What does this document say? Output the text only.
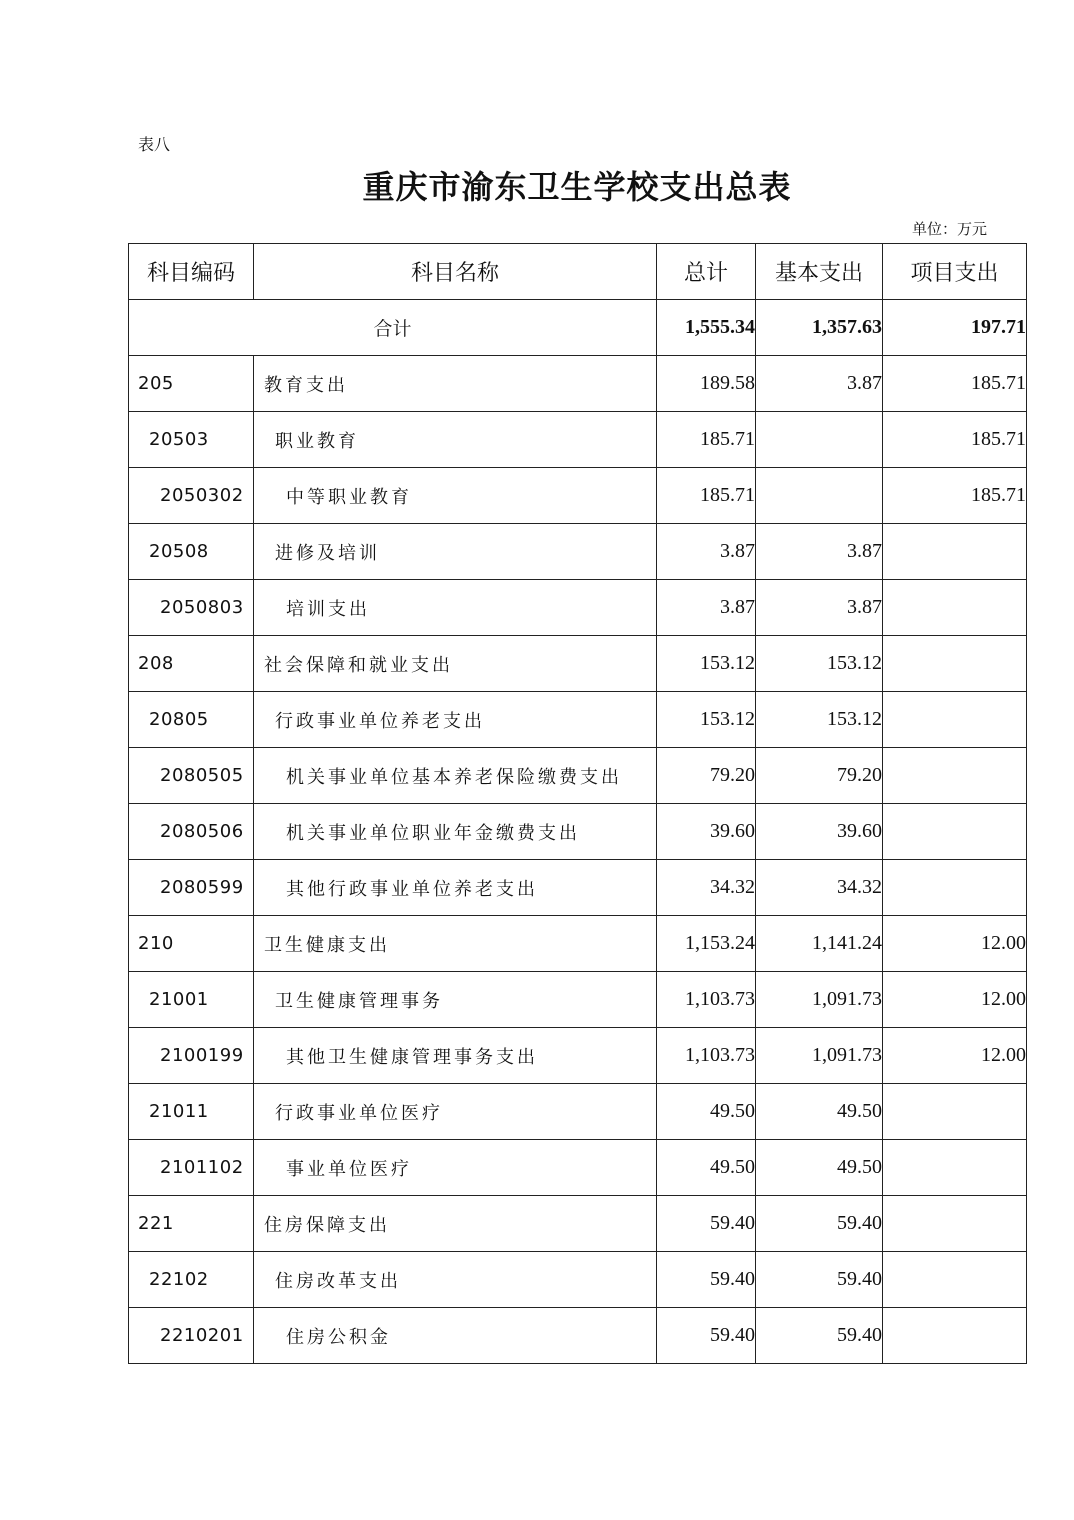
表八
重庆市渝东卫生学校支出总表
单位：万元
科目编码	科目名称	总计	基本支出	项目支出
合计		1,555.34	1,357.63	197.71
205	教育支出	189.58	3.87	185.71
20503	职业教育	185.71		185.71
2050302	中等职业教育	185.71		185.71
20508	进修及培训	3.87	3.87	
2050803	培训支出	3.87	3.87	
208	社会保障和就业支出	153.12	153.12	
20805	行政事业单位养老支出	153.12	153.12	
2080505	机关事业单位基本养老保险缴费支出	79.20	79.20	
2080506	机关事业单位职业年金缴费支出	39.60	39.60	
2080599	其他行政事业单位养老支出	34.32	34.32	
210	卫生健康支出	1,153.24	1,141.24	12.00
21001	卫生健康管理事务	1,103.73	1,091.73	12.00
2100199	其他卫生健康管理事务支出	1,103.73	1,091.73	12.00
21011	行政事业单位医疗	49.50	49.50	
2101102	事业单位医疗	49.50	49.50	
221	住房保障支出	59.40	59.40	
22102	住房改革支出	59.40	59.40	
2210201	住房公积金	59.40	59.40	
